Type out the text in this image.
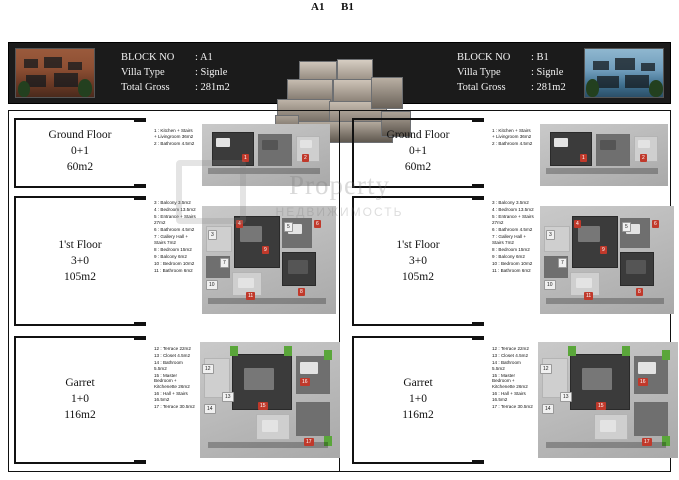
A1 B1
BLOCK NO : A1
Villa Type	: Signle
Total Gross : 281m2
BLOCK NO : B1
Villa Type	: Signle
Total Gross : 281m2
Ground Floor
0+1
60m2
1 : Kitchen + Stairs + Livingroom 36m2
2 : Bathroom 4.5m2
1	2
1'st Floor
3+0
105m2
3 : Balcony 3.5m2
4 : Bedroom 13.5m2
5 : Entrance + Stairs 27m2
6 : Bathroom 4.5m2
7 : Gallery Hall + Stairs 7m2
8 : Bedroom 15m2
9 : Balcony 6m2
10 : Bedroom 10m2
11 : Bathroom 6m2
3
4	5	6
7
8
9
10
11
Garret
1+0
116m2
12 : Terrace 22m2
13 : Closet 4.5m2
14 : Bathroom 5.5m2
15 : Master Bedroom + Kitchenette 26m2
16 : Hall + Stairs 16.5m2
17 : Terrace 30.5m2
12
13
14	15
16
17
Ground Floor
0+1
60m2
1 : Kitchen + Stairs + Livingroom 36m2
2 : Bathroom 4.5m2
1	2
1'st Floor
3+0
105m2
3 : Balcony 3.5m2
4 : Bedroom 13.5m2
5 : Entrance + Stairs 27m2
6 : Bathroom 4.5m2
7 : Gallery Hall + Stairs 7m2
8 : Bedroom 15m2
9 : Balcony 6m2
10 : Bedroom 10m2
11 : Bathroom 6m2
3
4	5	6
7
8
9
10
11
Garret
1+0
116m2
12 : Terrace 22m2
13 : Closet 4.5m2
14 : Bathroom 5.5m2
15 : Master Bedroom + Kitchenette 26m2
16 : Hall + Stairs 16.5m2
17 : Terrace 30.5m2
12
13
14	15
16
17
Property
НЕДВИЖИМОСТЬ
